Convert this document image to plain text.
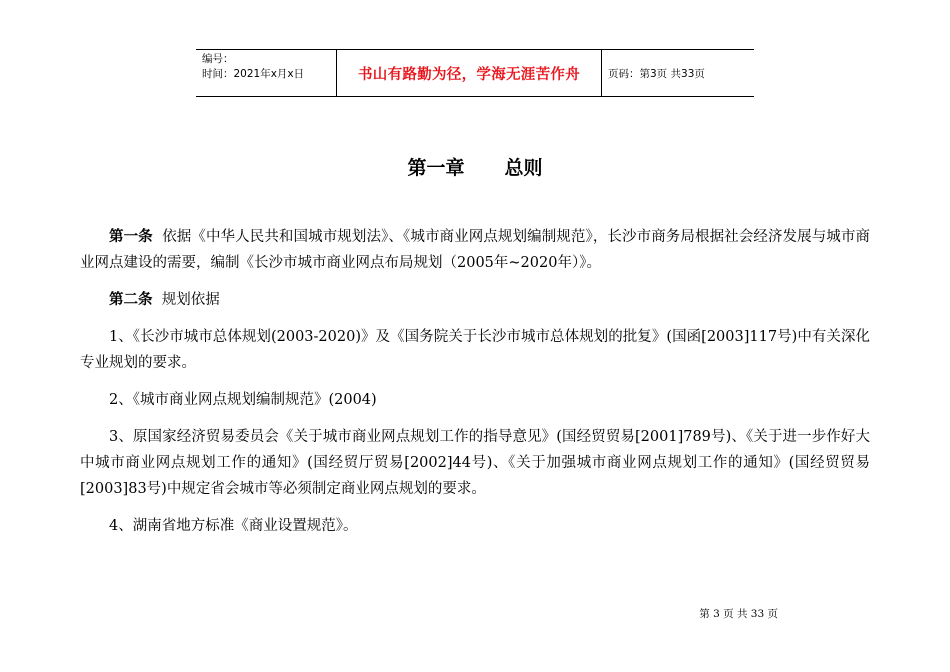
编号：
时间：2021年x月x日	书山有路勤为径，学海无涯苦作舟	页码：第3页 共33页
第一章 总则

第一条 依据《中华人民共和国城市规划法》、《城市商业网点规划编制规范》，长沙市商务局根据社会经济发展与城市商业网点建设的需要，编制《长沙市城市商业网点布局规划（2005年~2020年）》。

第二条 规划依据

1、《长沙市城市总体规划(2003-2020)》及《国务院关于长沙市城市总体规划的批复》(国函[2003]117号)中有关深化专业规划的要求。

2、《城市商业网点规划编制规范》(2004)

3、原国家经济贸易委员会《关于城市商业网点规划工作的指导意见》(国经贸贸易[2001]789号)、《关于进一步作好大中城市商业网点规划工作的通知》(国经贸厅贸易[2002]44号)、《关于加强城市商业网点规划工作的通知》(国经贸贸易[2003]83号)中规定省会城市等必须制定商业网点规划的要求。

4、湖南省地方标准《商业设置规范》。

第 3 页 共 33 页
